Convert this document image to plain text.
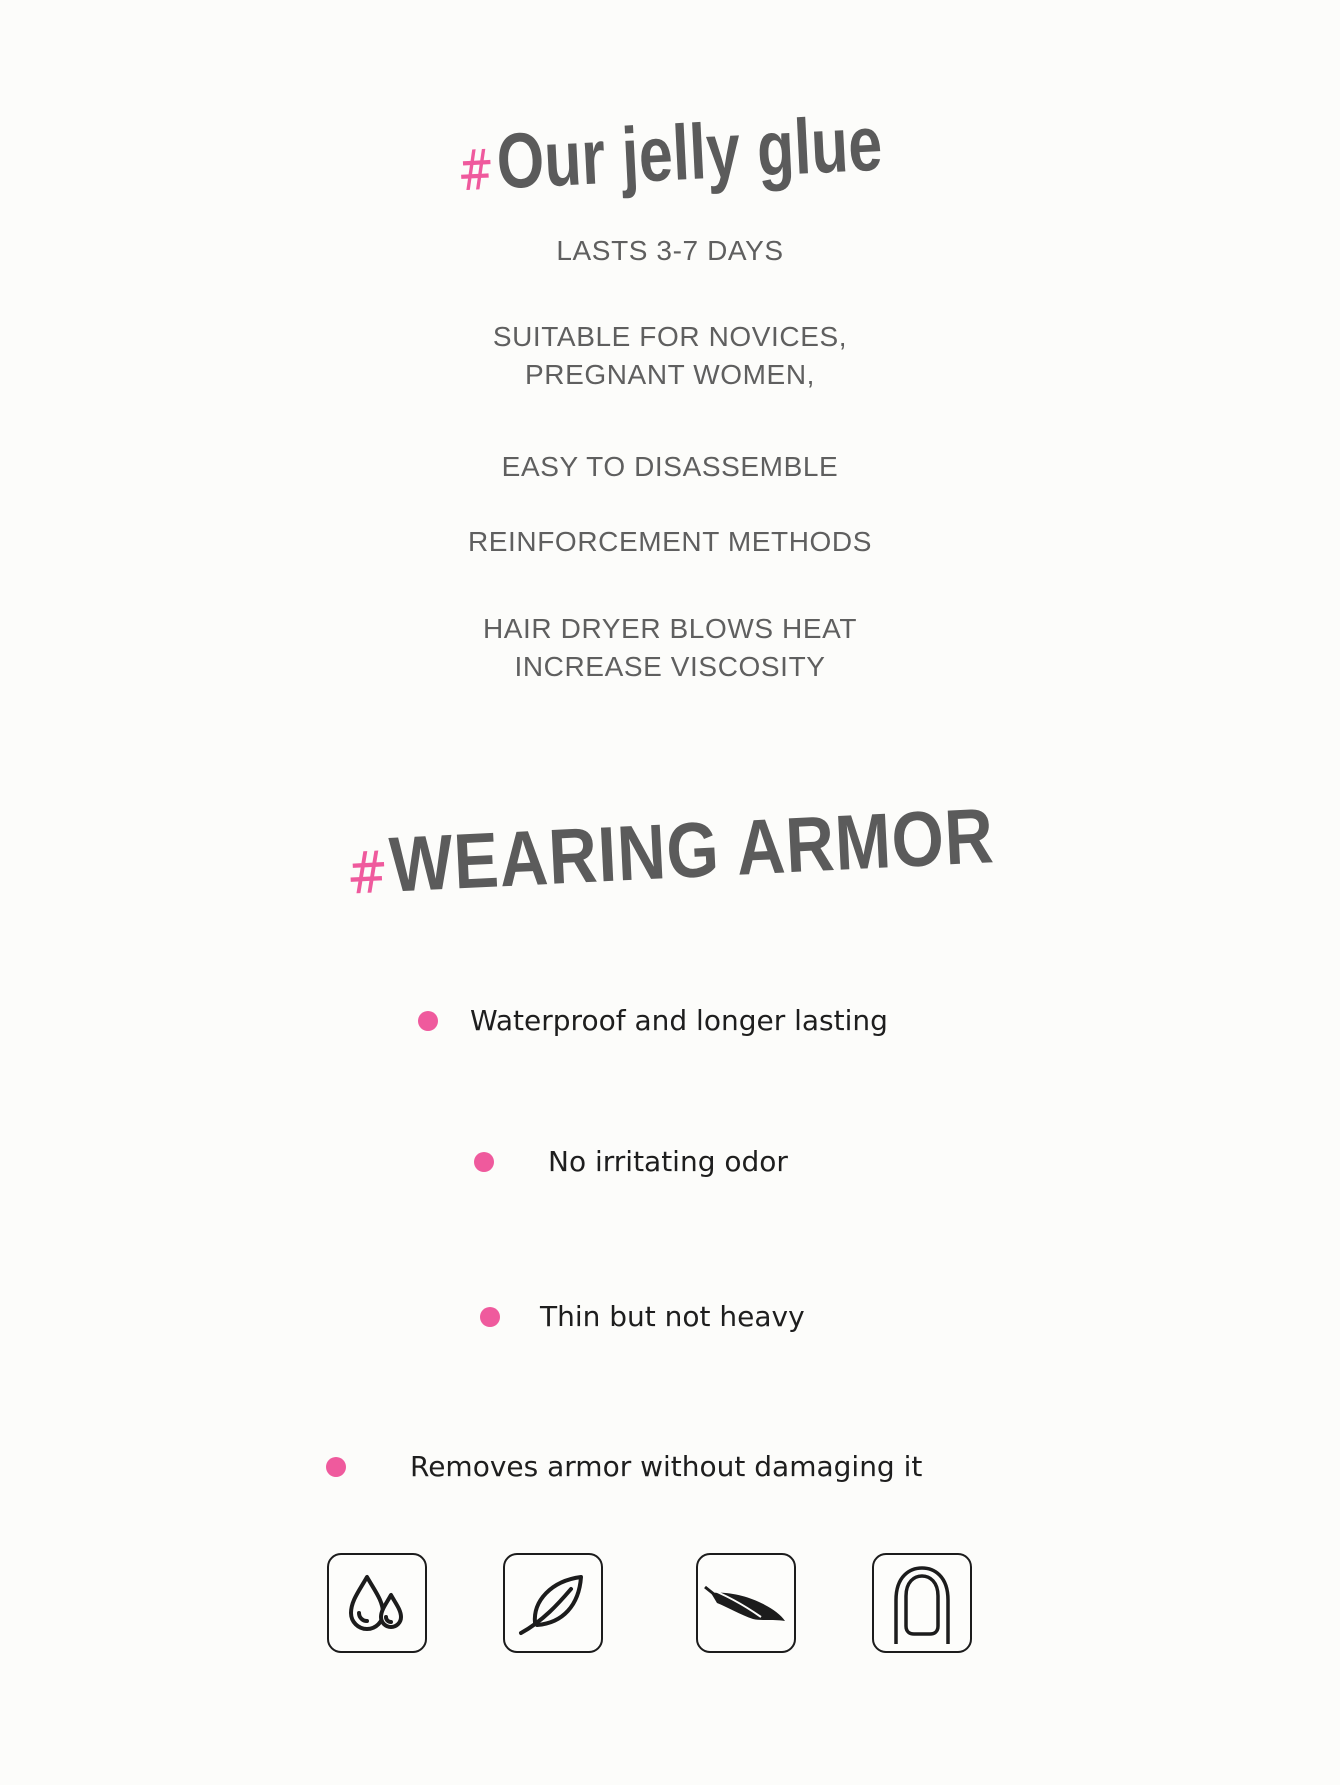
#Our jelly glue
LASTS 3-7 DAYS
SUITABLE FOR NOVICES,
PREGNANT WOMEN,
EASY TO DISASSEMBLE
REINFORCEMENT METHODS
HAIR DRYER BLOWS HEAT
INCREASE VISCOSITY
#WEARING ARMOR
Waterproof and longer lasting
No irritating odor
Thin but not heavy
Removes armor without damaging it
